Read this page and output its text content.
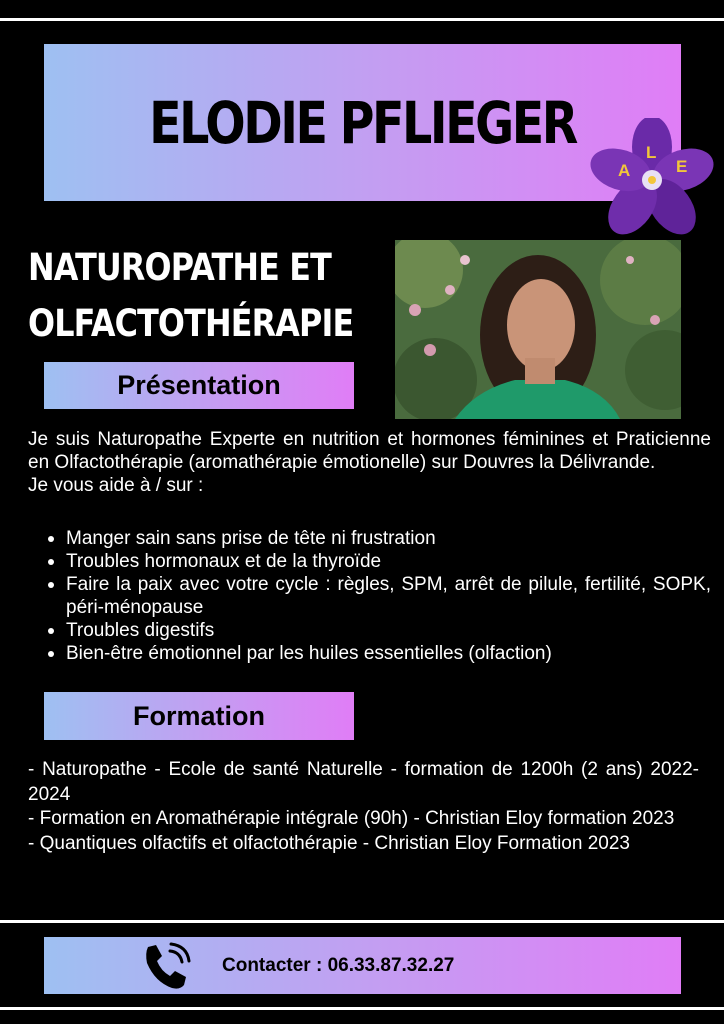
ELODIE PFLIEGER
A
L
E
NATUROPATHE ET
OLFACTOTHÉRAPIE
Présentation

Je suis Naturopathe Experte en nutrition et hormones féminines et Praticienne en Olfactothérapie (aromathérapie émotionelle) sur Douvres la Délivrande.

Je vous aide à / sur :

Manger sain sans prise de tête ni frustration
Troubles hormonaux et de la thyroïde
Faire la paix avec votre cycle : règles, SPM, arrêt de pilule, fertilité, SOPK, péri-ménopause
Troubles digestifs
Bien-être émotionnel par les huiles essentielles (olfaction)
Formation

- Naturopathe - Ecole de santé Naturelle - formation de 1200h (2 ans) 2022-2024

- Formation en Aromathérapie intégrale (90h) - Christian Eloy formation 2023

- Quantiques olfactifs et olfactothérapie - Christian Eloy Formation 2023

Contacter : 06.33.87.32.27
